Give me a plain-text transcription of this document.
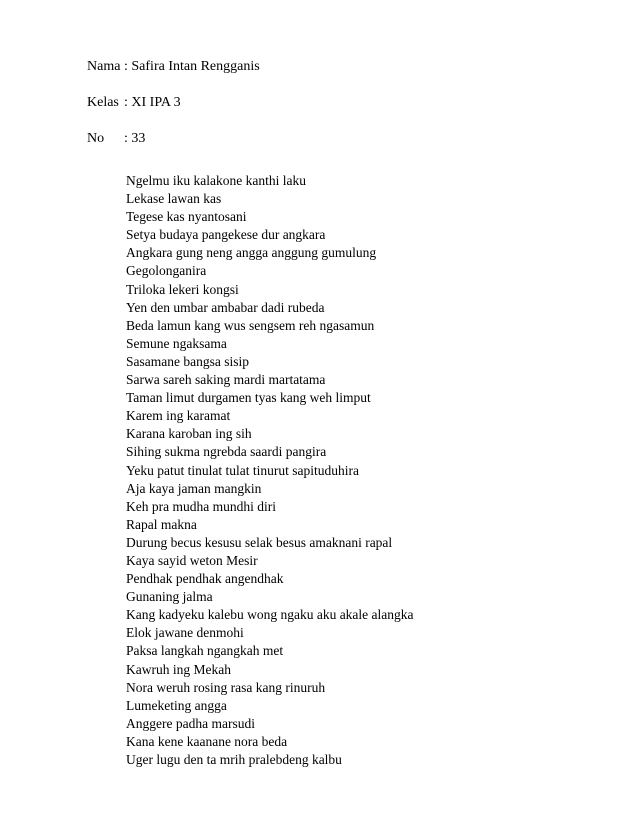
Nama : Safira Intan Rengganis
Kelas : XI IPA 3
No	: 33
Ngelmu iku kalakone kanthi laku
Lekase lawan kas
Tegese kas nyantosani
Setya budaya pangekese dur angkara
Angkara gung neng angga anggung gumulung
Gegolonganira
Triloka lekeri kongsi
Yen den umbar ambabar dadi rubeda
Beda lamun kang wus sengsem reh ngasamun
Semune ngaksama
Sasamane bangsa sisip
Sarwa sareh saking mardi martatama
Taman limut durgamen tyas kang weh limput
Karem ing karamat
Karana karoban ing sih
Sihing sukma ngrebda saardi pangira
Yeku patut tinulat tulat tinurut sapituduhira
Aja kaya jaman mangkin
Keh pra mudha mundhi diri
Rapal makna
Durung becus kesusu selak besus amaknani rapal
Kaya sayid weton Mesir
Pendhak pendhak angendhak
Gunaning jalma
Kang kadyeku kalebu wong ngaku aku akale alangka
Elok jawane denmohi
Paksa langkah ngangkah met
Kawruh ing Mekah
Nora weruh rosing rasa kang rinuruh
Lumeketing angga
Anggere padha marsudi
Kana kene kaanane nora beda
Uger lugu den ta mrih pralebdeng kalbu
